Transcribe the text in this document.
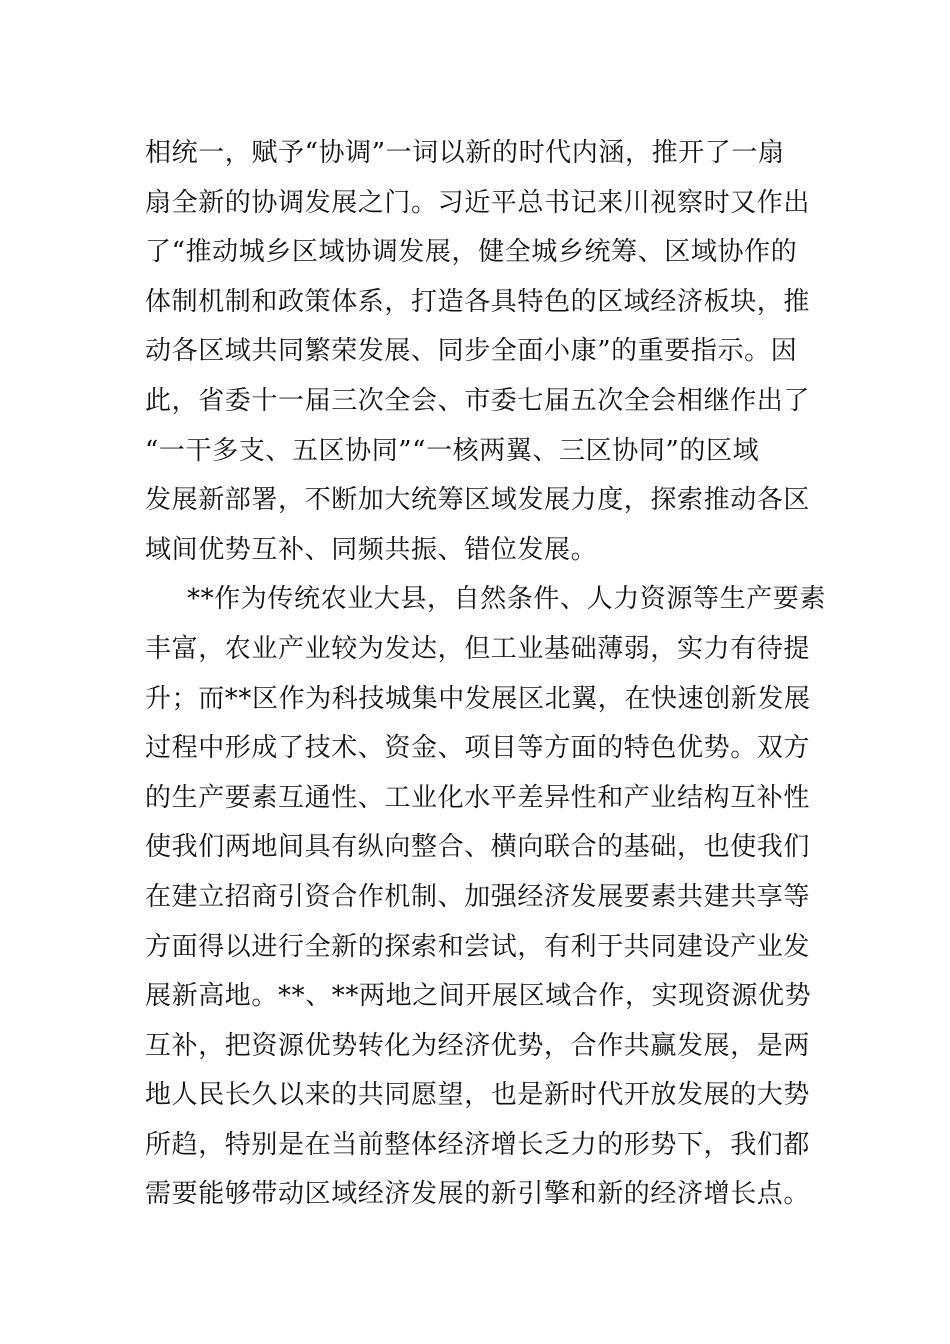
相统一，赋予“协调”一词以新的时代内涵，推开了一扇
扇全新的协调发展之门。习近平总书记来川视察时又作出
了“推动城乡区域协调发展，健全城乡统筹、区域协作的
体制机制和政策体系，打造各具特色的区域经济板块，推
动各区域共同繁荣发展、同步全面小康”的重要指示。因
此，省委十一届三次全会、市委七届五次全会相继作出了
“一干多支、五区协同”“一核两翼、三区协同”的区域
发展新部署，不断加大统筹区域发展力度，探索推动各区
域间优势互补、同频共振、错位发展。
**作为传统农业大县，自然条件、人力资源等生产要素
丰富，农业产业较为发达，但工业基础薄弱，实力有待提
升；而**区作为科技城集中发展区北翼，在快速创新发展
过程中形成了技术、资金、项目等方面的特色优势。双方
的生产要素互通性、工业化水平差异性和产业结构互补性
使我们两地间具有纵向整合、横向联合的基础，也使我们
在建立招商引资合作机制、加强经济发展要素共建共享等
方面得以进行全新的探索和尝试，有利于共同建设产业发
展新高地。**、**两地之间开展区域合作，实现资源优势
互补，把资源优势转化为经济优势，合作共赢发展，是两
地人民长久以来的共同愿望，也是新时代开放发展的大势
所趋，特别是在当前整体经济增长乏力的形势下，我们都
需要能够带动区域经济发展的新引擎和新的经济增长点。
